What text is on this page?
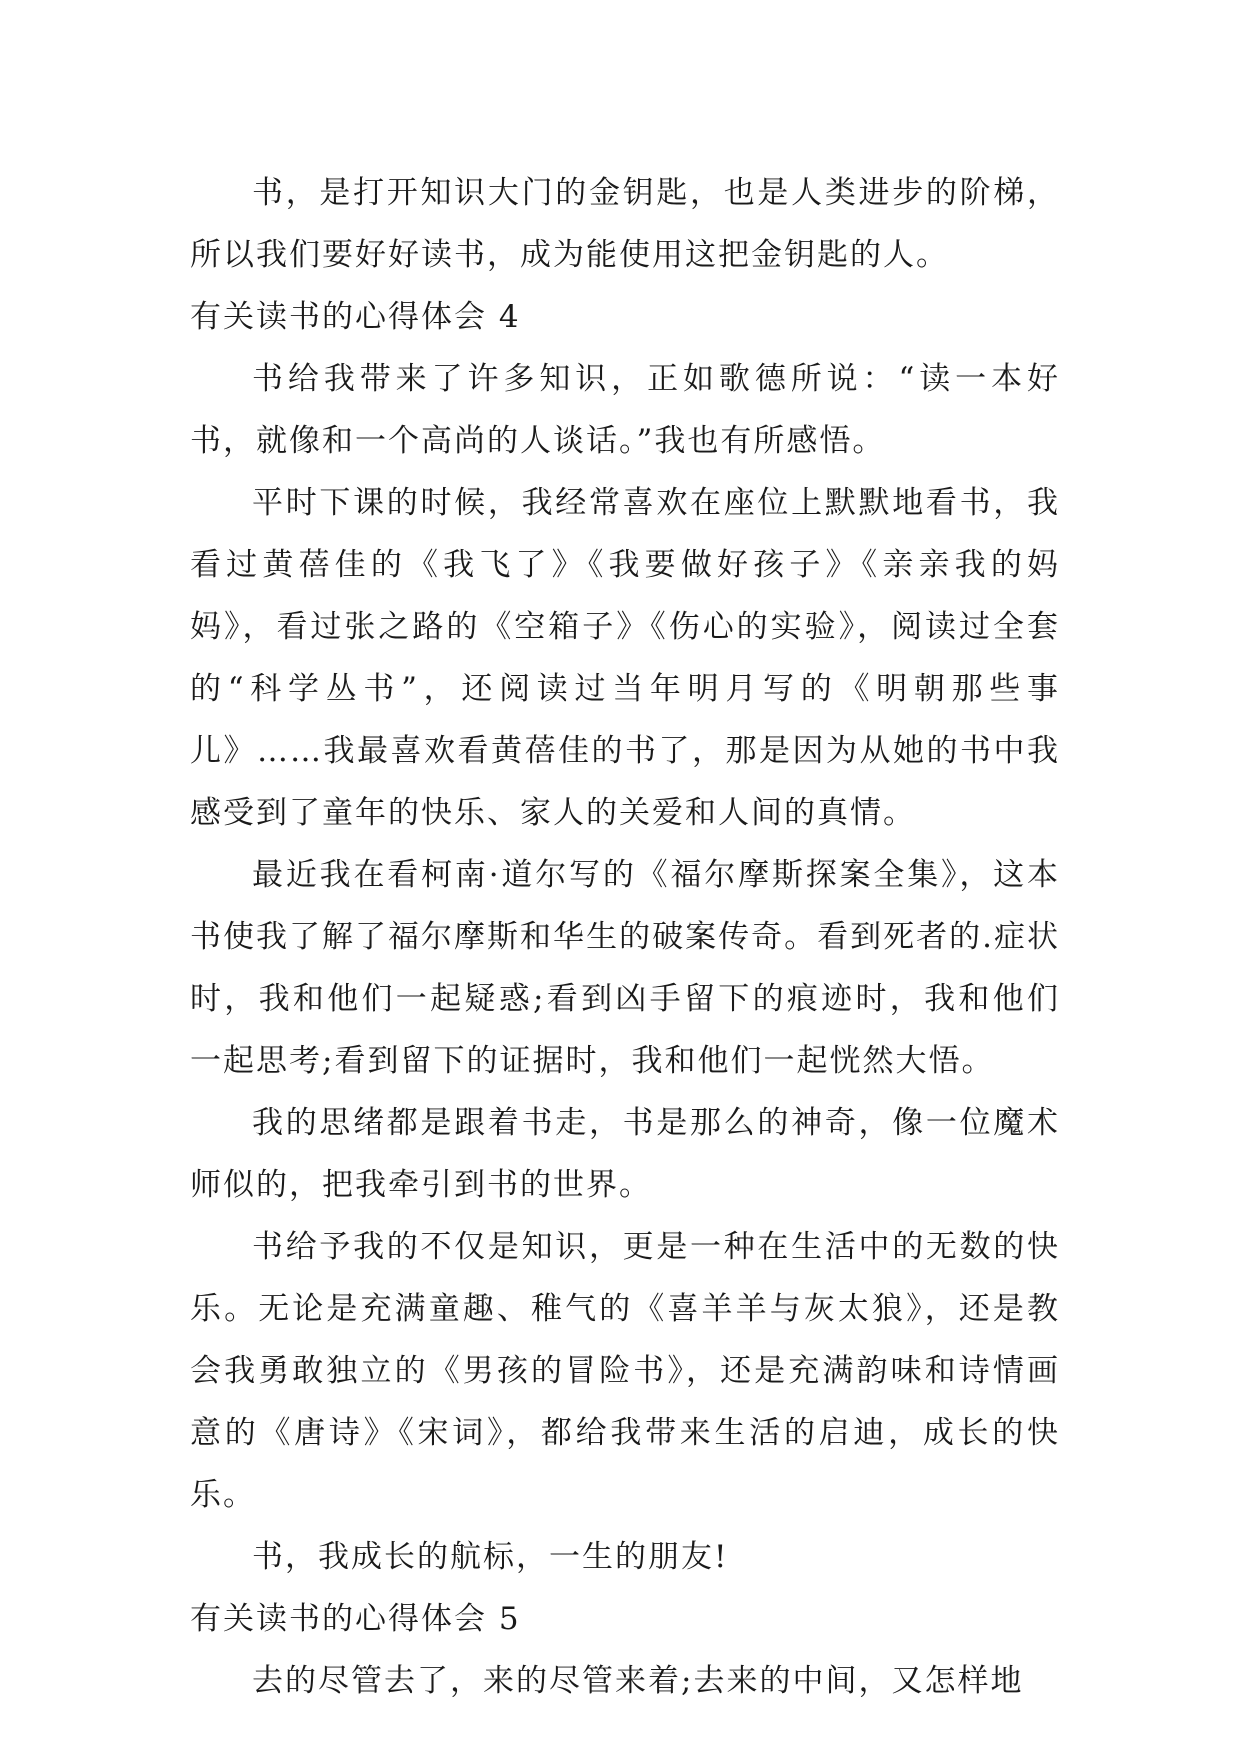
书，是打开知识大门的金钥匙，也是人类进步的阶梯，所以我们要好好读书，成为能使用这把金钥匙的人。

有关读书的心得体会 4

书给我带来了许多知识，正如歌德所说：“读一本好书，就像和一个高尚的人谈话。”我也有所感悟。

平时下课的时候，我经常喜欢在座位上默默地看书，我看过黄蓓佳的《我飞了》《我要做好孩子》《亲亲我的妈妈》，看过张之路的《空箱子》《伤心的实验》，阅读过全套的“科学丛书”，还阅读过当年明月写的《明朝那些事儿》……我最喜欢看黄蓓佳的书了，那是因为从她的书中我感受到了童年的快乐、家人的关爱和人间的真情。

最近我在看柯南·道尔写的《福尔摩斯探案全集》，这本书使我了解了福尔摩斯和华生的破案传奇。看到死者的.症状时，我和他们一起疑惑;看到凶手留下的痕迹时，我和他们一起思考;看到留下的证据时，我和他们一起恍然大悟。

我的思绪都是跟着书走，书是那么的神奇，像一位魔术师似的，把我牵引到书的世界。

书给予我的不仅是知识，更是一种在生活中的无数的快乐。无论是充满童趣、稚气的《喜羊羊与灰太狼》，还是教会我勇敢独立的《男孩的冒险书》，还是充满韵味和诗情画意的《唐诗》《宋词》，都给我带来生活的启迪，成长的快乐。

书，我成长的航标，一生的朋友!

有关读书的心得体会 5

去的尽管去了，来的尽管来着;去来的中间，又怎样地
